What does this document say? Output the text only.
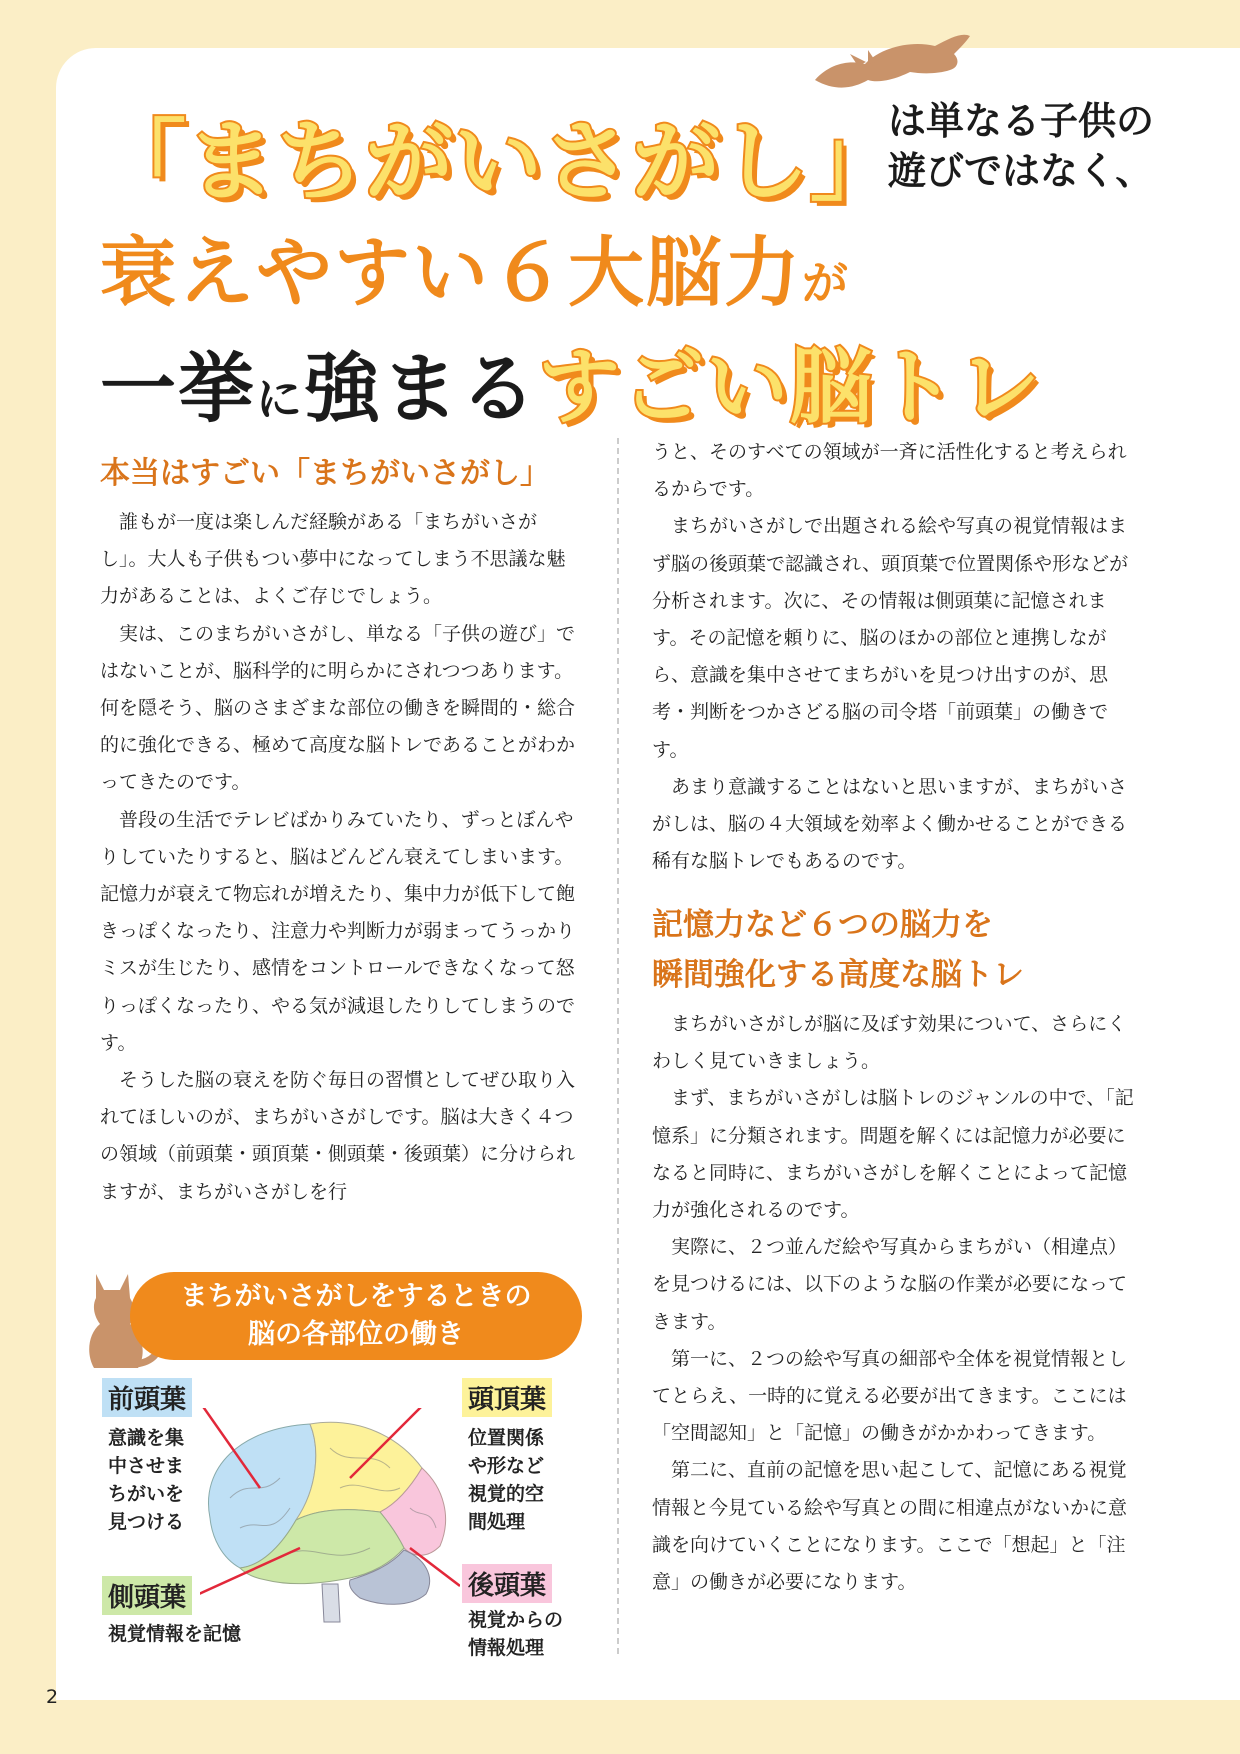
「まちがいさがし」
は単なる子供の
遊びではなく、
衰えやすい６大脳力が
一挙に強まるすごい脳トレ
本当はすごい「まちがいさがし」

誰もが一度は楽しんだ経験がある「まちがいさがし」。大人も子供もつい夢中になってしまう不思議な魅力があることは、よくご存じでしょう。

実は、このまちがいさがし、単なる「子供の遊び」ではないことが、脳科学的に明らかにされつつあります。何を隠そう、脳のさまざまな部位の働きを瞬間的・総合的に強化できる、極めて高度な脳トレであることがわかってきたのです。

普段の生活でテレビばかりみていたり、ずっとぼんやりしていたりすると、脳はどんどん衰えてしまいます。記憶力が衰えて物忘れが増えたり、集中力が低下して飽きっぽくなったり、注意力や判断力が弱まってうっかりミスが生じたり、感情をコントロールできなくなって怒りっぽくなったり、やる気が減退したりしてしまうのです。

そうした脳の衰えを防ぐ毎日の習慣としてぜひ取り入れてほしいのが、まちがいさがしです。脳は大きく４つの領域（前頭葉・頭頂葉・側頭葉・後頭葉）に分けられますが、まちがいさがしを行

うと、そのすべての領域が一斉に活性化すると考えられるからです。

まちがいさがしで出題される絵や写真の視覚情報はまず脳の後頭葉で認識され、頭頂葉で位置関係や形などが分析されます。次に、その情報は側頭葉に記憶されます。その記憶を頼りに、脳のほかの部位と連携しながら、意識を集中させてまちがいを見つけ出すのが、思考・判断をつかさどる脳の司令塔「前頭葉」の働きです。

あまり意識することはないと思いますが、まちがいさがしは、脳の４大領域を効率よく働かせることができる稀有な脳トレでもあるのです。

記憶力など６つの脳力を
瞬間強化する高度な脳トレ

まちがいさがしが脳に及ぼす効果について、さらにくわしく見ていきましょう。

まず、まちがいさがしは脳トレのジャンルの中で、「記憶系」に分類されます。問題を解くには記憶力が必要になると同時に、まちがいさがしを解くことによって記憶力が強化されるのです。

実際に、２つ並んだ絵や写真からまちがい（相違点）を見つけるには、以下のような脳の作業が必要になってきます。

第一に、２つの絵や写真の細部や全体を視覚情報としてとらえ、一時的に覚える必要が出てきます。ここには「空間認知」と「記憶」の働きがかかわってきます。

第二に、直前の記憶を思い起こして、記憶にある視覚情報と今見ている絵や写真との間に相違点がないかに意識を向けていくことになります。ここで「想起」と「注意」の働きが必要になります。

まちがいさがしをするときの
脳の各部位の働き
前頭葉
意識を集
中させま
ちがいを
見つける
頭頂葉
位置関係
や形など
視覚的空
間処理
側頭葉
視覚情報を記憶
後頭葉
視覚からの
情報処理
2
